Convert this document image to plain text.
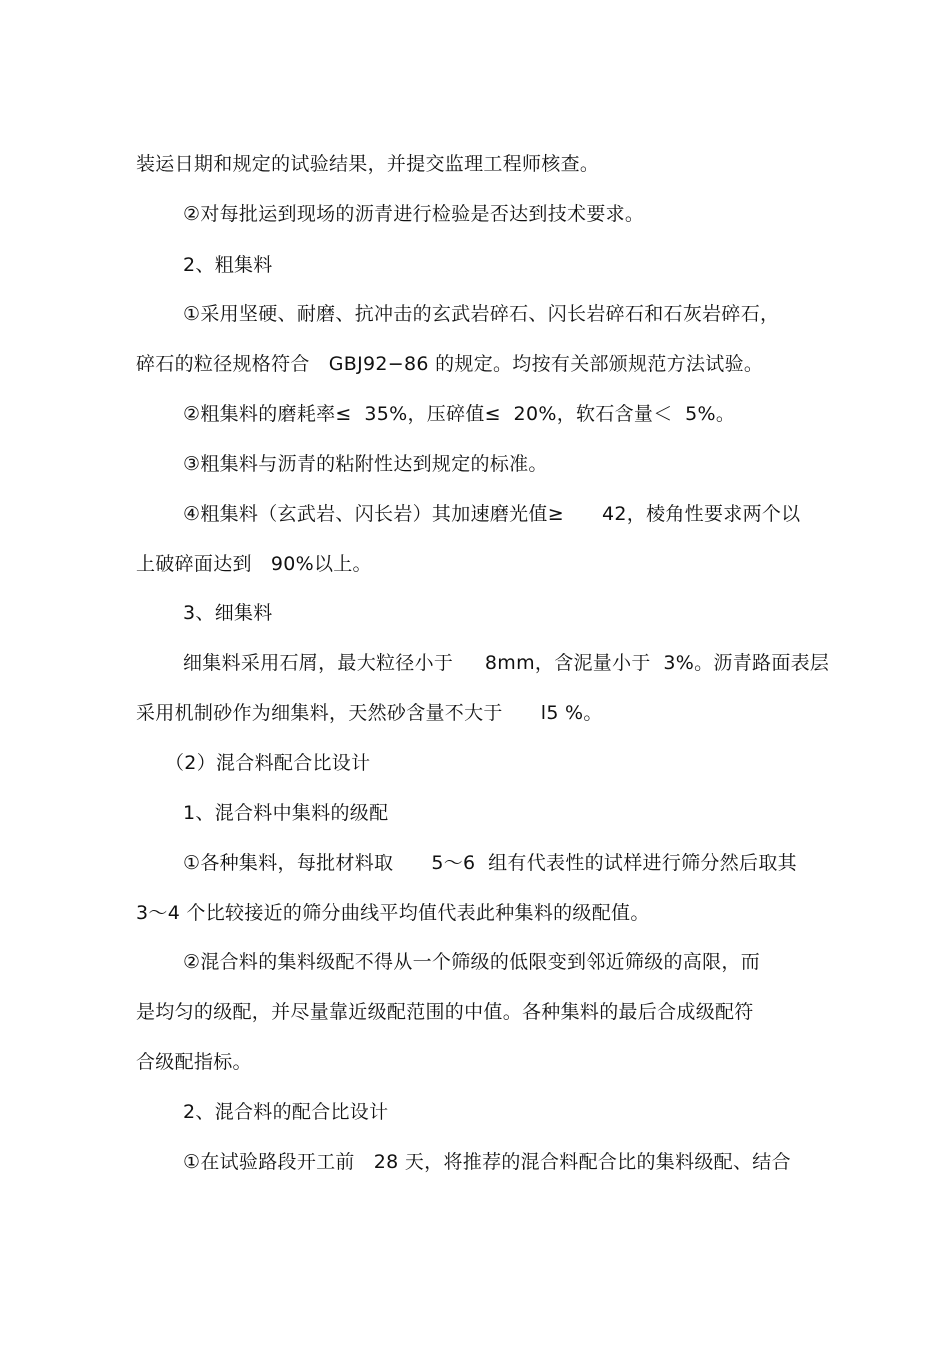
装运日期和规定的试验结果，并提交监理工程师核查。
②对每批运到现场的沥青进行检验是否达到技术要求。
2、粗集料
①采用坚硬、耐磨、抗冲击的玄武岩碎石、闪长岩碎石和石灰岩碎石，
碎石的粒径规格符合   GBJ92−86 的规定。均按有关部颁规范方法试验。
②粗集料的磨耗率≤  35%，压碎值≤  20%，软石含量＜  5%。
③粗集料与沥青的粘附性达到规定的标准。
④粗集料（玄武岩、闪长岩）其加速磨光值≥      42，棱角性要求两个以
上破碎面达到   90%以上。
3、细集料
细集料采用石屑，最大粒径小于     8mm，含泥量小于  3%。沥青路面表层
采用机制砂作为细集料，天然砂含量不大于      l5 %。
（2）混合料配合比设计
1、混合料中集料的级配
①各种集料，每批材料取      5～6  组有代表性的试样进行筛分然后取其
3～4 个比较接近的筛分曲线平均值代表此种集料的级配值。
②混合料的集料级配不得从一个筛级的低限变到邻近筛级的高限，而
是均匀的级配，并尽量靠近级配范围的中值。各种集料的最后合成级配符
合级配指标。
2、混合料的配合比设计
①在试验路段开工前   28 天，将推荐的混合料配合比的集料级配、结合
